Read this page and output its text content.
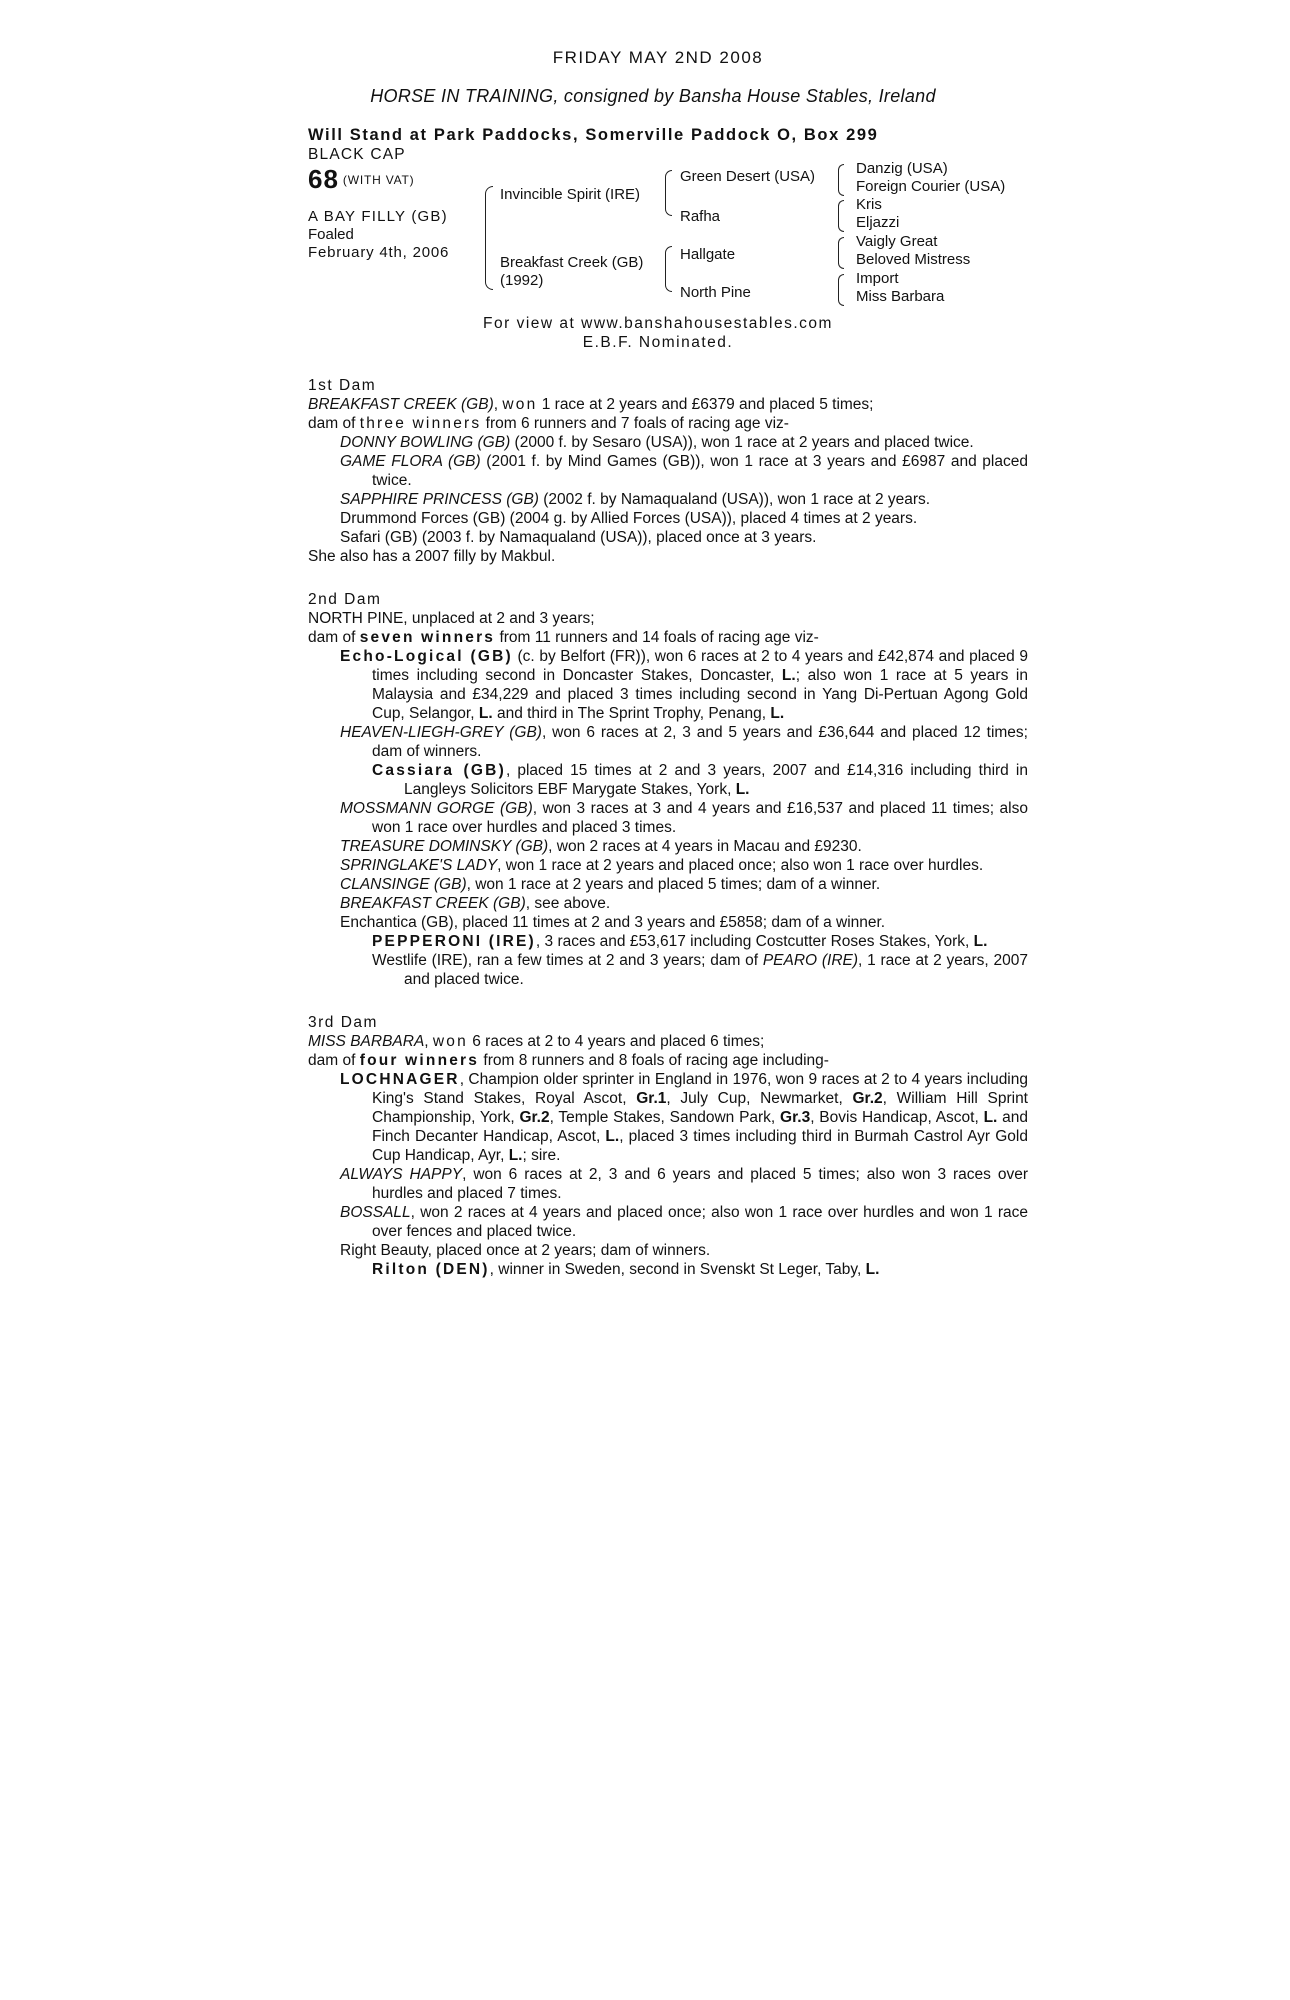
FRIDAY MAY 2ND 2008
HORSE IN TRAINING, consigned by Bansha House Stables, Ireland
Will Stand at Park Paddocks, Somerville Paddock O, Box 299
BLACK CAP
68 $^{(WITH VAT)}$
A BAY FILLY (GB)
Foaled
February 4th, 2006
Invincible Spirit (IRE)
Breakfast Creek (GB)
(1992)
Green Desert (USA)
Rafha
Hallgate
North Pine
Danzig (USA)
Foreign Courier (USA)
Kris
Eljazzi
Vaigly Great
Beloved Mistress
Import
Miss Barbara
For view at www.banshahousestables.com
E.B.F. Nominated.
1st Dam
BREAKFAST CREEK (GB), won 1 race at 2 years and £6379 and placed 5 times;
dam of three winners from 6 runners and 7 foals of racing age viz-
DONNY BOWLING (GB) (2000 f. by Sesaro (USA)), won 1 race at 2 years and placed twice.
GAME FLORA (GB) (2001 f. by Mind Games (GB)), won 1 race at 3 years and £6987 and placed twice.
SAPPHIRE PRINCESS (GB) (2002 f. by Namaqualand (USA)), won 1 race at 2 years.
Drummond Forces (GB) (2004 g. by Allied Forces (USA)), placed 4 times at 2 years.
Safari (GB) (2003 f. by Namaqualand (USA)), placed once at 3 years.
She also has a 2007 filly by Makbul.
2nd Dam
NORTH PINE, unplaced at 2 and 3 years;
dam of seven winners from 11 runners and 14 foals of racing age viz-
Echo-Logical (GB) (c. by Belfort (FR)), won 6 races at 2 to 4 years and £42,874 and placed 9 times including second in Doncaster Stakes, Doncaster, L.; also won 1 race at 5 years in Malaysia and £34,229 and placed 3 times including second in Yang Di-Pertuan Agong Gold Cup, Selangor, L. and third in The Sprint Trophy, Penang, L.
HEAVEN-LIEGH-GREY (GB), won 6 races at 2, 3 and 5 years and £36,644 and placed 12 times; dam of winners.
Cassiara (GB), placed 15 times at 2 and 3 years, 2007 and £14,316 including third in Langleys Solicitors EBF Marygate Stakes, York, L.
MOSSMANN GORGE (GB), won 3 races at 3 and 4 years and £16,537 and placed 11 times; also won 1 race over hurdles and placed 3 times.
TREASURE DOMINSKY (GB), won 2 races at 4 years in Macau and £9230.
SPRINGLAKE'S LADY, won 1 race at 2 years and placed once; also won 1 race over hurdles.
CLANSINGE (GB), won 1 race at 2 years and placed 5 times; dam of a winner.
BREAKFAST CREEK (GB), see above.
Enchantica (GB), placed 11 times at 2 and 3 years and £5858; dam of a winner.
PEPPERONI (IRE), 3 races and £53,617 including Costcutter Roses Stakes, York, L.
Westlife (IRE), ran a few times at 2 and 3 years; dam of PEARO (IRE), 1 race at 2 years, 2007 and placed twice.
3rd Dam
MISS BARBARA, won 6 races at 2 to 4 years and placed 6 times;
dam of four winners from 8 runners and 8 foals of racing age including-
LOCHNAGER, Champion older sprinter in England in 1976, won 9 races at 2 to 4 years including King's Stand Stakes, Royal Ascot, Gr.1, July Cup, Newmarket, Gr.2, William Hill Sprint Championship, York, Gr.2, Temple Stakes, Sandown Park, Gr.3, Bovis Handicap, Ascot, L. and Finch Decanter Handicap, Ascot, L., placed 3 times including third in Burmah Castrol Ayr Gold Cup Handicap, Ayr, L.; sire.
ALWAYS HAPPY, won 6 races at 2, 3 and 6 years and placed 5 times; also won 3 races over hurdles and placed 7 times.
BOSSALL, won 2 races at 4 years and placed once; also won 1 race over hurdles and won 1 race over fences and placed twice.
Right Beauty, placed once at 2 years; dam of winners.
Rilton (DEN), winner in Sweden, second in Svenskt St Leger, Taby, L.
